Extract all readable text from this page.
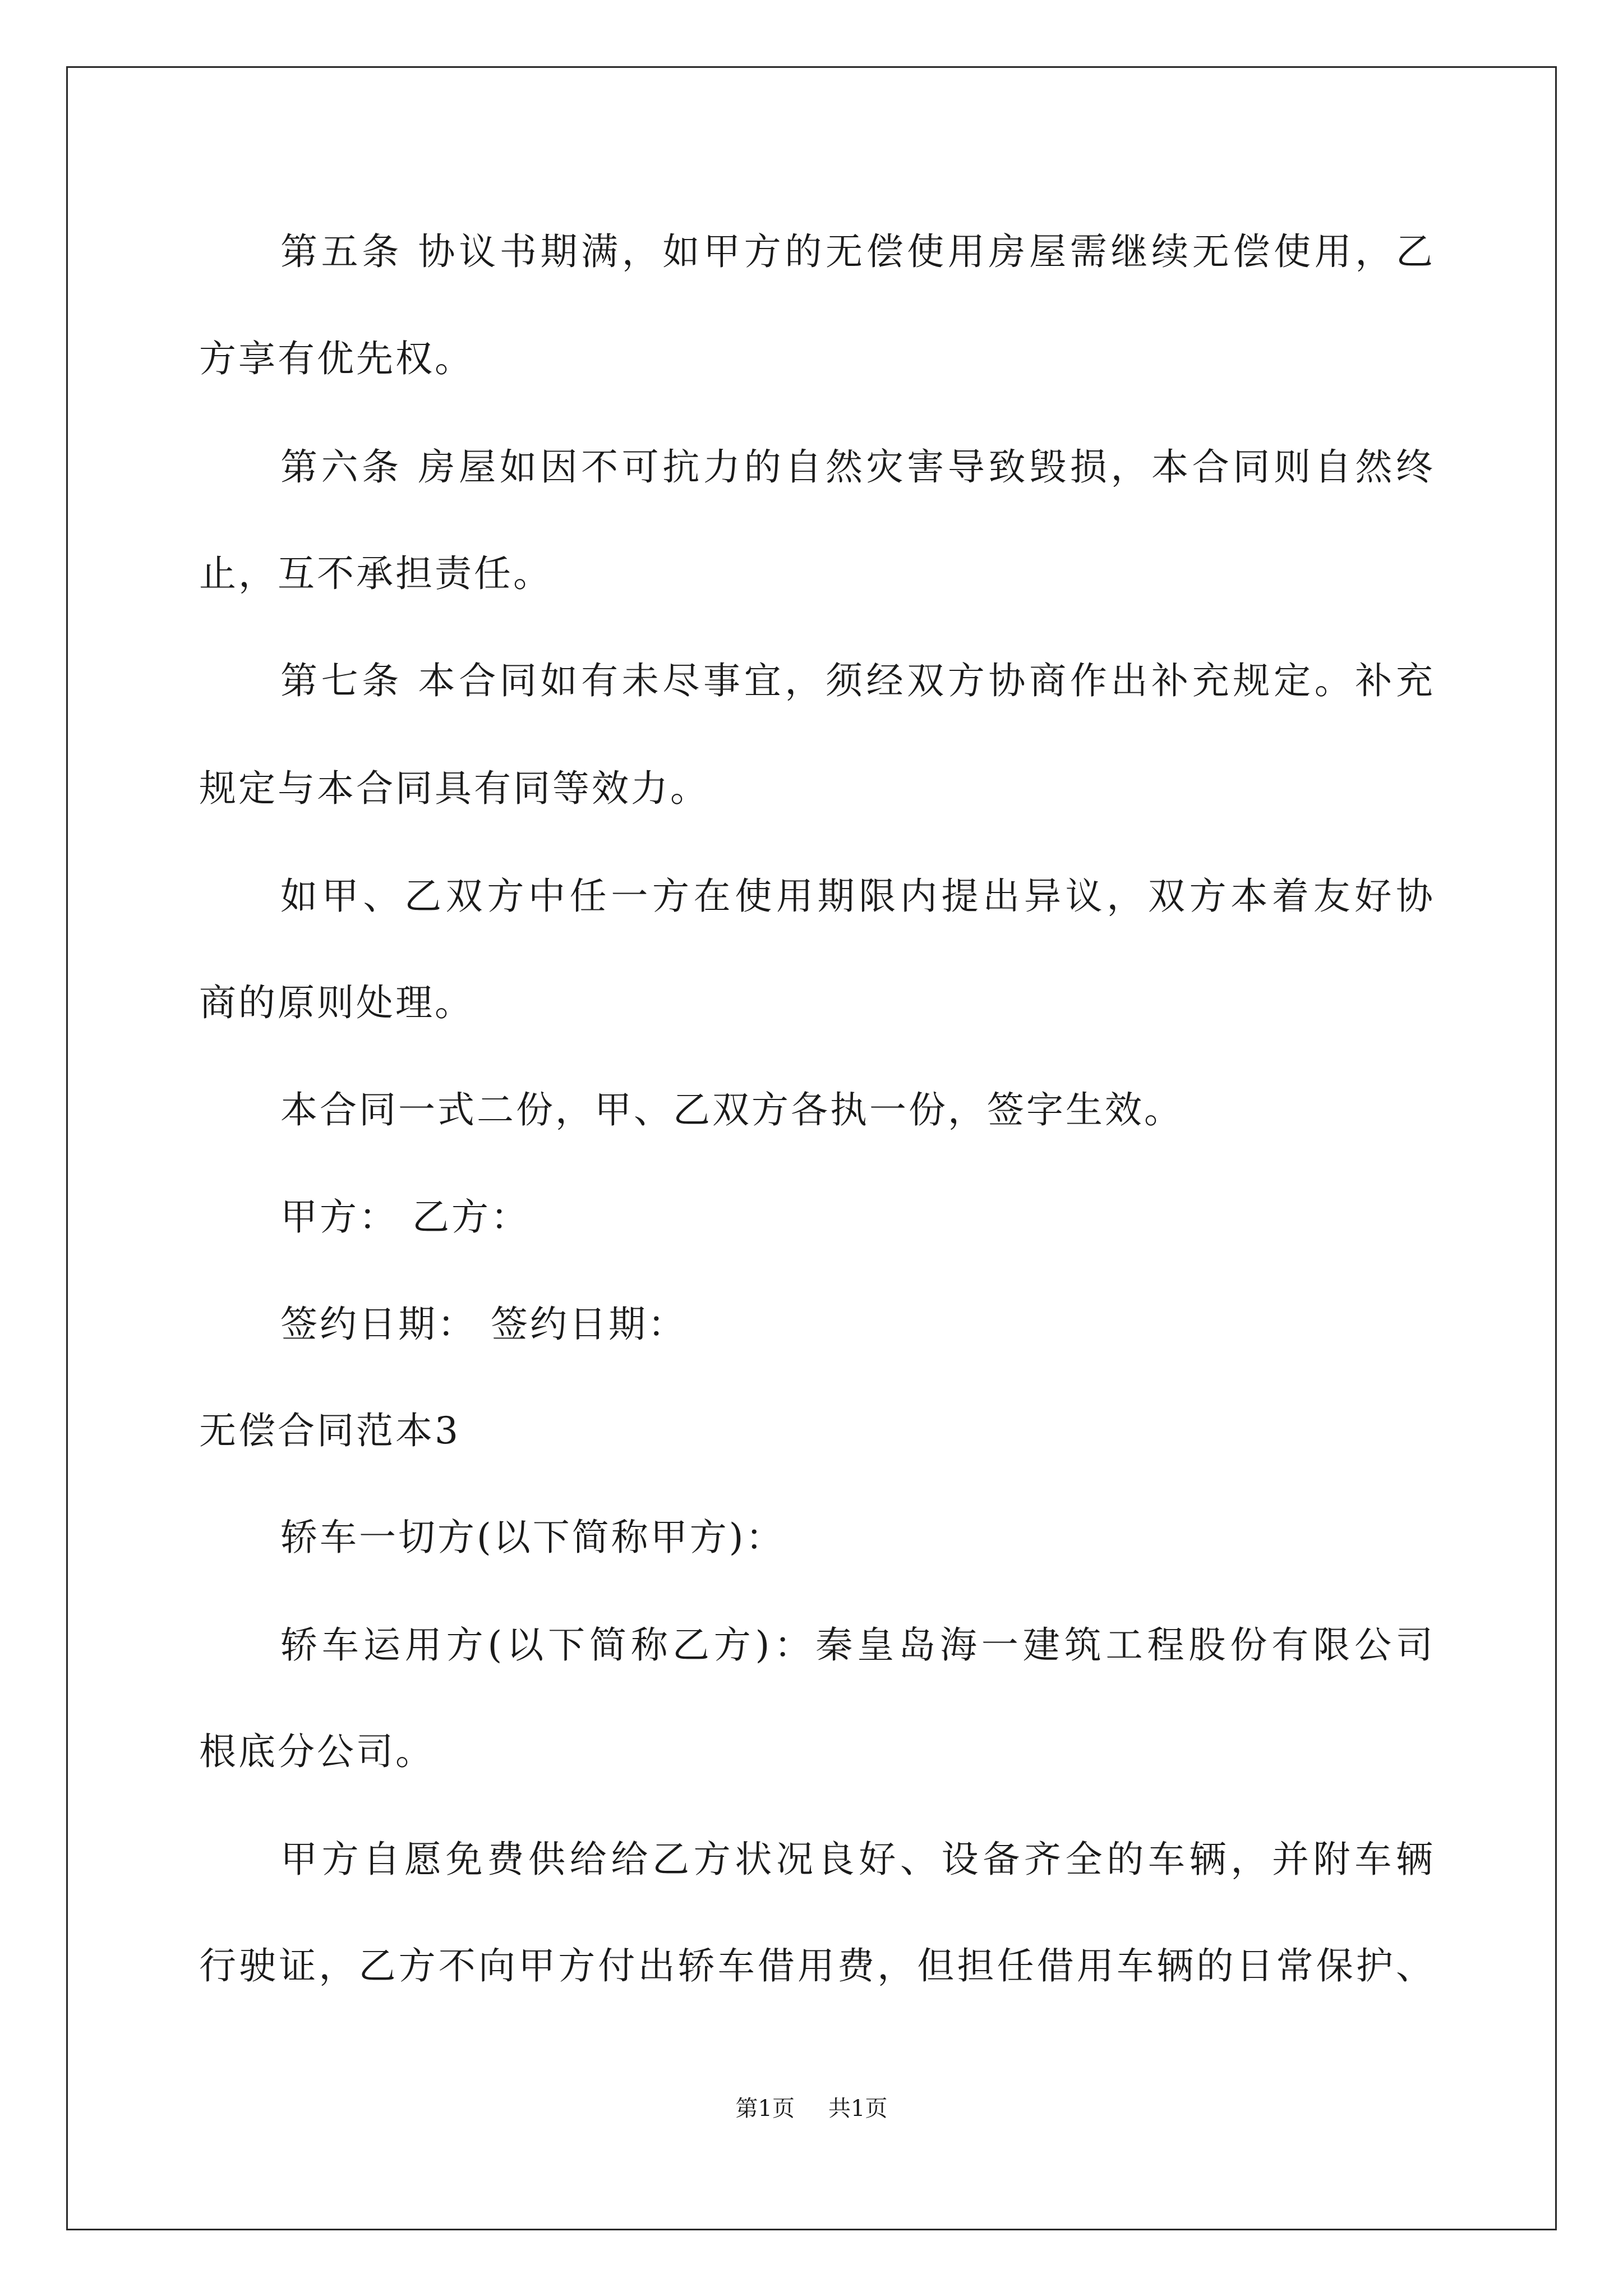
第五条 协议书期满，如甲方的无偿使用房屋需继续无偿使用，乙
方享有优先权。
第六条 房屋如因不可抗力的自然灾害导致毁损，本合同则自然终
止，互不承担责任。
第七条 本合同如有未尽事宜，须经双方协商作出补充规定。补充
规定与本合同具有同等效力。
如甲、乙双方中任一方在使用期限内提出异议，双方本着友好协
商的原则处理。
本合同一式二份，甲、乙双方各执一份，签字生效。
甲方： 乙方：
签约日期： 签约日期：
无偿合同范本3
轿车一切方(以下简称甲方)：
轿车运用方(以下简称乙方)：秦皇岛海一建筑工程股份有限公司
根底分公司。
甲方自愿免费供给给乙方状况良好、设备齐全的车辆，并附车辆
行驶证，乙方不向甲方付出轿车借用费，但担任借用车辆的日常保护、
第1页 共1页
